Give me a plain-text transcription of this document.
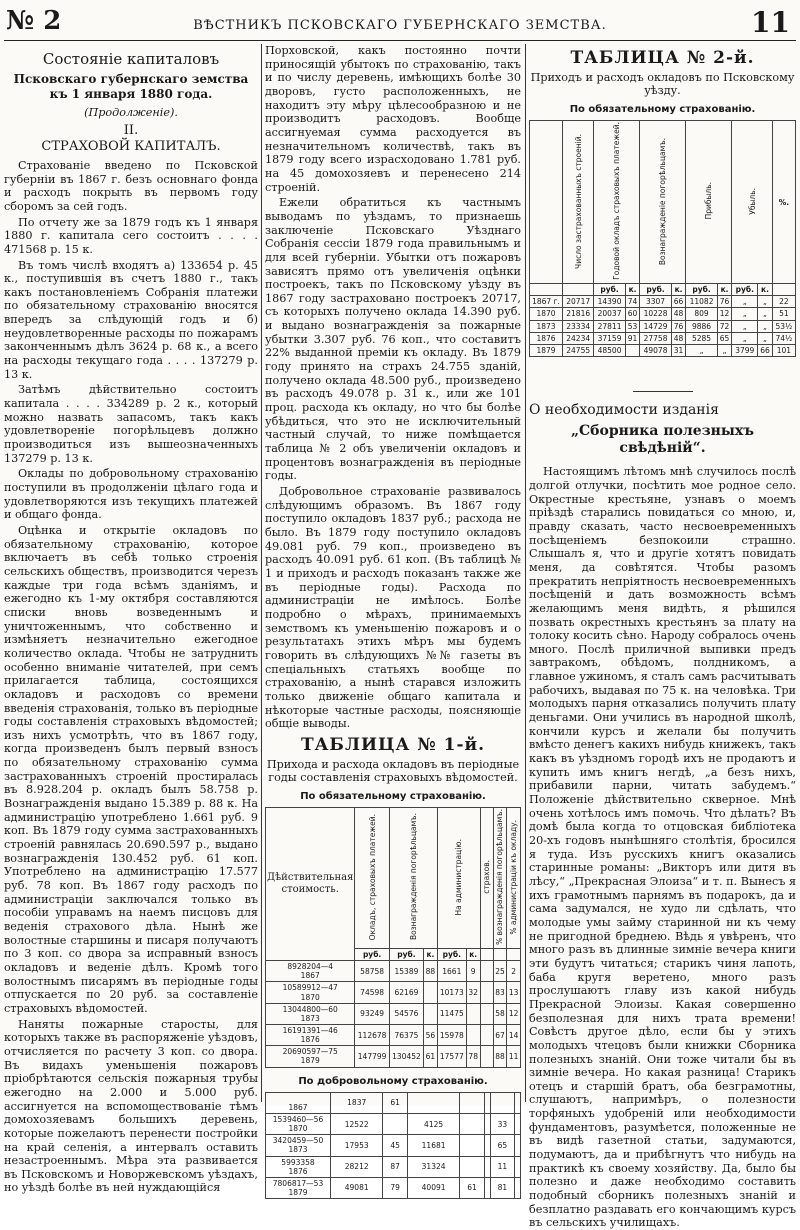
№ 2	ВѢСТНИКЪ ПСКОВСКАГО ГУБЕРНСКАГО ЗЕМСТВА.	11
Состояніе капиталовъ
Псковскаго губернскаго земства къ 1 января 1880 года.
(Продолженіе).
II.
СТРАХОВОЙ КАПИТАЛЪ.

Страхованіе введено по Псковской губерніи въ 1867 г. безъ основнаго фонда и расходъ покрыть въ первомъ году сборомъ за сей годъ.

По отчету же за 1879 годъ къ 1 января 1880 г. капитала сего состоитъ . . . . 471568 р. 15 к.

Въ томъ числѣ входятъ а) 133654 р. 45 к., поступившія въ счетъ 1880 г., такъ какъ постановленіемъ Собранія платежи по обязательному страхованію вносятся впередъ за слѣдующій годъ и б) неудовлетворенные расходы по пожарамъ законченнымъ дѣлъ 3624 р. 68 к., а всего на расходы текущаго года . . . . 137279 р. 13 к.

Затѣмъ дѣйствительно состоитъ капитала . . . . 334289 р. 2 к., который можно назвать запасомъ, такъ какъ удовлетвореніе погорѣльцевъ должно производиться изъ вышеозначенныхъ 137279 р. 13 к.

Оклады по добровольному страхованію поступили въ продолженіи цѣлаго года и удовлетворяются изъ текущихъ платежей и общаго фонда.

Оцѣнка и открытіе окладовъ по обязательному страхованію, которое включаетъ въ себѣ только строенія сельскихъ обществъ, производится черезъ каждые три года всѣмъ зданіямъ, и ежегодно къ 1-му октября составляются списки вновь возведеннымъ и уничтоженнымъ, что собственно и измѣняетъ незначительно ежегодное количество оклада. Чтобы не затруднить особенно вниманіе читателей, при семъ прилагается таблица, состоящихся окладовъ и расходовъ со времени введенія страхованія, только въ періодные годы составленія страховыхъ вѣдомостей; изъ нихъ усмотрѣть, что въ 1867 году, когда произведенъ былъ первый взносъ по обязательному страхованію сумма застрахованныхъ строеній простиралась въ 8.928.204 р. окладъ былъ 58.758 р. Вознагражденія выдано 15.389 р. 88 к. На администрацію употреблено 1.661 руб. 9 коп. Въ 1879 году сумма застрахованныхъ строеній равнялась 20.690.597 р., выдано вознагражденія 130.452 руб. 61 коп. Употреблено на администрацію 17.577 руб. 78 коп. Въ 1867 году расходъ по администраціи заключался только въ пособіи управамъ на наемъ писцовъ для веденія страхового дѣла. Нынѣ же волостные старшины и писаря получаютъ по 3 коп. со двора за исправный взносъ окладовъ и веденіе дѣлъ. Кромѣ того волостнымъ писарямъ въ періодные годы отпускается по 20 руб. за составленіе страховыхъ вѣдомостей.

Наняты пожарные старосты, для которыхъ также въ распоряженіе уѣздовъ, отчисляется по расчету 3 коп. со двора. Въ видахъ уменьшенія пожаровъ пріобрѣтаются сельскія пожарныя трубы ежегодно на 2.000 и 5.000 руб. ассигнуется на вспомоществованіе тѣмъ домохозяевамъ большихъ деревень, которые пожелаютъ перенести постройки на край селенія, а интервалъ оставить незастроеннымъ. Мѣра эта развивается въ Псковскомъ и Новоржевскомъ уѣздахъ, но уѣздѣ болѣе въ ней нуждающійся

Порховской, какъ постоянно почти приносящій убытокъ по страхованію, такъ и по числу деревень, имѣющихъ болѣе 30 дворовъ, густо расположенныхъ, не находитъ эту мѣру цѣлесообразною и не производитъ расходовъ. Вообще ассигнуемая сумма расходуется въ незначительномъ количествѣ, такъ въ 1879 году всего израсходовано 1.781 руб. на 45 домохозяевъ и перенесено 214 строеній.

Ежели обратиться къ частнымъ выводамъ по уѣздамъ, то признаешь заключеніе Псковскаго Уѣзднаго Собранія сессіи 1879 года правильнымъ и для всей губерніи. Убытки отъ пожаровъ зависятъ прямо отъ увеличенія оцѣнки построекъ, такъ по Псковскому уѣзду въ 1867 году застраховано построекъ 20717, съ которыхъ получено оклада 14.390 руб. и выдано вознагражденія за пожарные убытки 3.307 руб. 76 коп., что составитъ 22% выданной преміи къ окладу. Въ 1879 году принято на страхъ 24.755 зданій, получено оклада 48.500 руб., произведено въ расходъ 49.078 р. 31 к., или же 101 проц. расхода къ окладу, но что бы болѣе убѣдиться, что это не исключительный частный случай, то ниже помѣщается таблица № 2 объ увеличеніи окладовъ и процентовъ вознагражденія въ періодные годы.

Добровольное страхованіе развивалось слѣдующимъ образомъ. Въ 1867 году поступило окладовъ 1837 руб.; расхода не было. Въ 1879 году поступило окладовъ 49.081 руб. 79 коп., произведено въ расходъ 40.091 руб. 61 коп. (Въ таблицѣ № 1 и приходъ и расходъ показанъ также же въ періодные годы). Расхода по администраціи не имѣлось. Болѣе подробно о мѣрахъ, принимаемыхъ земствомъ къ уменьшенію пожаровъ и о результатахъ этихъ мѣръ мы будемъ говорить въ слѣдующихъ №№ газеты въ спеціальныхъ статьяхъ вообще по страхованію, а нынѣ старався изложить только движеніе общаго капитала и нѣкоторые частные расходы, поясняющіе общіе выводы.

ТАБЛИЦА № 1-й.
Прихода и расхода окладовъ въ періодные годы составленія страховыхъ вѣдомостей.
По обязательному страхованію.
Дѣйствительная стоимость.	Окладъ, страховыхъ платежей.	Вознагражденія погорѣльцамъ.		На администрацію.		страхов.	% вознагражденія погорѣльцамъ.	% администраціи къ окладу.
	руб.	руб.	к.	руб.	к.			
8928204—4
1867	58758	15389	88	1661	9		25	2
10589912—47
1870	74598	62169		10173	32		83	13
13044800—60
1873	93249	54576		11475			58	12
16191391—46
1876	112678	76375	56	15978			67	14
20690597—75
1879	147799	130452	61	17577	78		88	11
По добровольному страхованію.

1867	1837	61					
1539460—56
1870	12522		4125			33	
3420459—50
1873	17953	45	11681			65	
5993358
1876	28212	87	31324			11	
7806817—53
1879	49081	79	40091	61		81	
ТАБЛИЦА № 2-й.
Приходъ и расходъ окладовъ по Псковскому уѣзду.
По обязательному страхованію.
	Число застрахованныхъ строеній.	Годовой окладъ страховыхъ платежей.		Вознагражденіе погорѣльцамъ.		Прибыль.		Убыль.		%.
		руб.	к.	руб.	к.	руб.	к.	руб.	к.	
1867 г.	20717	14390	74	3307	66	11082	76	„	„	22
1870	21816	20037	60	10228	48	809	12	„	„	51
1873	23334	27811	53	14729	76	9886	72	„	„	53½
1876	24234	37159	91	27758	48	5285	65	„	„	74½
1879	24755	48500		49078	31	„	„	3799	66	101
О необходимости изданія
„Сборника полезныхъ свѣдѣній“.

Настоящимъ лѣтомъ мнѣ случилось послѣ долгой отлучки, посѣтить мое родное село. Окрестные крестьяне, узнавъ о моемъ пріѣздѣ старались повидаться со мною, и, правду сказать, часто несвоевременныхъ посѣщеніемъ безпокоили страшно. Слышалъ я, что и другіе хотятъ повидать меня, да совѣтятся. Чтобы разомъ прекратить непріятность несвоевременныхъ посѣщеній и дать возможность всѣмъ желающимъ меня видѣть, я рѣшился позвать окрестныхъ крестьянъ за плату на толоку косить сѣно. Народу собралось очень много. Послѣ приличной выпивки предъ завтракомъ, обѣдомъ, полдникомъ, а главное ужиномъ, я сталъ самъ расчитывать рабочихъ, выдавая по 75 к. на человѣка. Три молодыхъ парня отказались получить плату деньгами. Они учились въ народной школѣ, кончили курсъ и желали бы получить вмѣсто денегъ какихъ нибудь книжекъ, такъ какъ въ уѣздномъ городѣ ихъ не продаютъ и купить имъ книгъ негдѣ, „а безъ нихъ, прибавили парни, читать забудемъ.“ Положеніе дѣйствительно скверное. Мнѣ очень хотѣлось имъ помочь. Что дѣлать? Въ домѣ была когда то отцовская библіотека 20-хъ годовъ нынѣшняго столѣтія, бросился я туда. Изъ русскихъ книгъ оказались старинные романы: „Викторъ или дитя въ лѣсу,“ „Прекрасная Элоиза“ и т. п. Вынесъ я ихъ грамотнымъ парнямъ въ подарокъ, да и сама задумался, не худо ли сдѣлать, что молодые умы займу старинной ни къ чему не пригодной бреднею. Вѣдь я увѣренъ, что много разъ въ длинные зимніе вечера книги эти будутъ читаться; старикъ чиня лапоть, баба кругя веретено, много разъ прослушаютъ главу изъ какой нибудь Прекрасной Элоизы. Какая совершенно безполезная для нихъ трата времени! Совѣстъ другое дѣло, если бы у этихъ молодыхъ чтецовъ были книжки Сборника полезныхъ знаній. Они тоже читали бы въ зимніе вечера. Но какая разница! Старикъ отецъ и старшій братъ, оба безграмотны, слушаютъ, напримѣръ, о полезности торфяныхъ удобреній или необходимости фундаментовъ, разумѣется, положенные не въ видѣ газетной статьи, задумаются, подумаютъ, да и прибѣгнутъ что нибудь на практикѣ къ своему хозяйству. Да, было бы полезно и даже необходимо составить подобный сборникъ полезныхъ знаній и безплатно раздавать его кончающимъ курсъ въ сельскихъ училищахъ.
